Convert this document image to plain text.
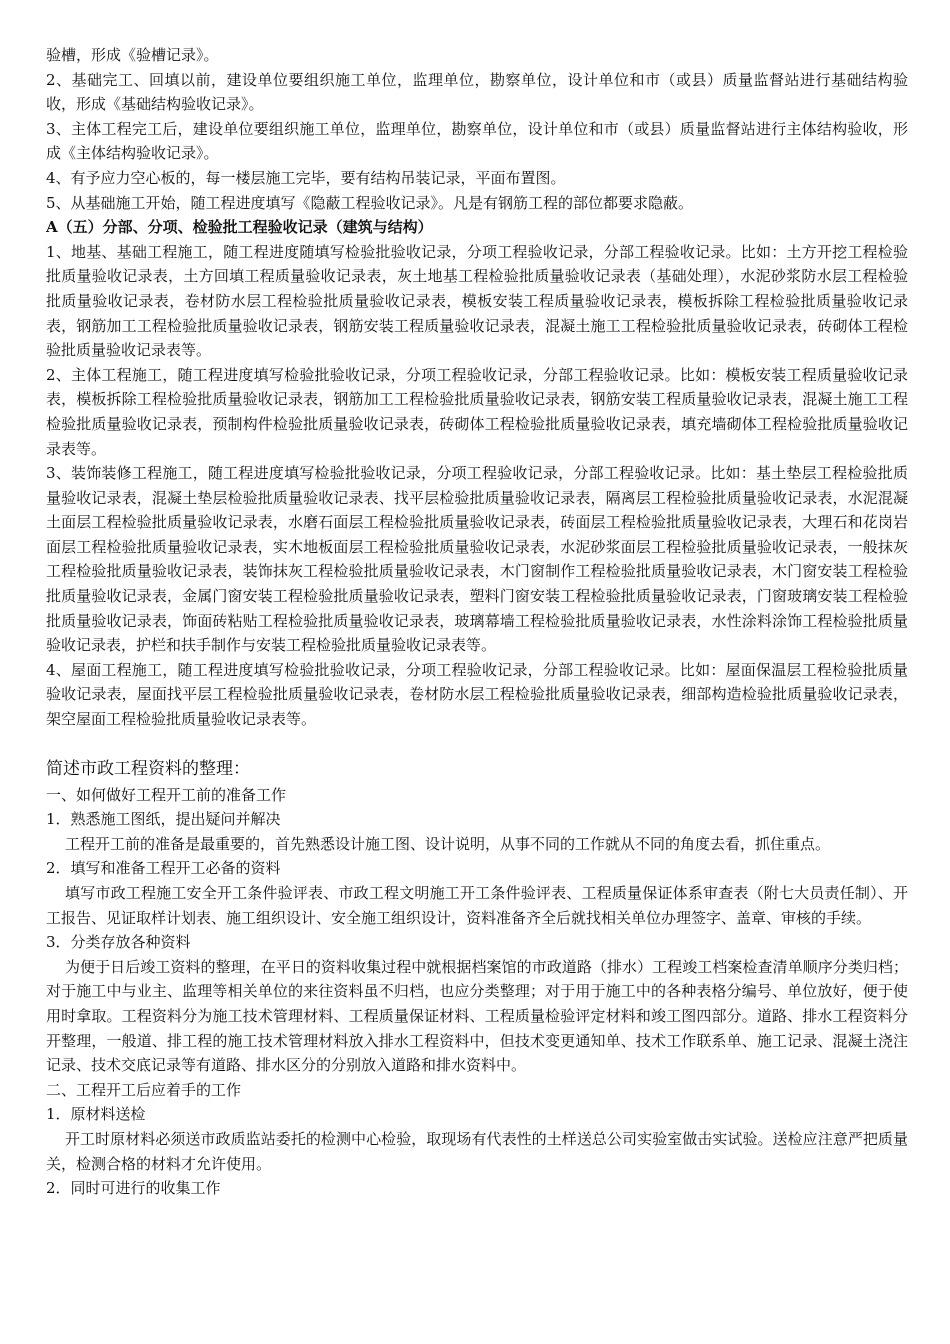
验槽，形成《验槽记录》。

2、基础完工、回填以前，建设单位要组织施工单位，监理单位，勘察单位，设计单位和市（或县）质量监督站进行基础结构验收，形成《基础结构验收记录》。

3、主体工程完工后，建设单位要组织施工单位，监理单位，勘察单位，设计单位和市（或县）质量监督站进行主体结构验收，形成《主体结构验收记录》。

4、有予应力空心板的，每一楼层施工完毕，要有结构吊装记录，平面布置图。

5、从基础施工开始，随工程进度填写《隐蔽工程验收记录》。凡是有钢筋工程的部位都要求隐蔽。

A（五）分部、分项、检验批工程验收记录（建筑与结构）

1、地基、基础工程施工，随工程进度随填写检验批验收记录，分项工程验收记录，分部工程验收记录。比如：土方开挖工程检验批质量验收记录表，土方回填工程质量验收记录表，灰土地基工程检验批质量验收记录表（基础处理），水泥砂浆防水层工程检验批质量验收记录表，卷材防水层工程检验批质量验收记录表，模板安装工程质量验收记录表，模板拆除工程检验批质量验收记录表，钢筋加工工程检验批质量验收记录表，钢筋安装工程质量验收记录表，混凝土施工工程检验批质量验收记录表，砖砌体工程检验批质量验收记录表等。

2、主体工程施工，随工程进度填写检验批验收记录，分项工程验收记录，分部工程验收记录。比如：模板安装工程质量验收记录表，模板拆除工程检验批质量验收记录表，钢筋加工工程检验批质量验收记录表，钢筋安装工程质量验收记录表，混凝土施工工程检验批质量验收记录表，预制构件检验批质量验收记录表，砖砌体工程检验批质量验收记录表，填充墙砌体工程检验批质量验收记录表等。

3、装饰装修工程施工，随工程进度填写检验批验收记录，分项工程验收记录，分部工程验收记录。比如：基土垫层工程检验批质量验收记录表，混凝土垫层检验批质量验收记录表、找平层检验批质量验收记录表，隔离层工程检验批质量验收记录表，水泥混凝土面层工程检验批质量验收记录表，水磨石面层工程检验批质量验收记录表，砖面层工程检验批质量验收记录表，大理石和花岗岩面层工程检验批质量验收记录表，实木地板面层工程检验批质量验收记录表，水泥砂浆面层工程检验批质量验收记录表，一般抹灰工程检验批质量验收记录表，装饰抹灰工程检验批质量验收记录表，木门窗制作工程检验批质量验收记录表，木门窗安装工程检验批质量验收记录表，金属门窗安装工程检验批质量验收记录表，塑料门窗安装工程检验批质量验收记录表，门窗玻璃安装工程检验批质量验收记录表，饰面砖粘贴工程检验批质量验收记录表，玻璃幕墙工程检验批质量验收记录表，水性涂料涂饰工程检验批质量验收记录表，护栏和扶手制作与安装工程检验批质量验收记录表等。

4、屋面工程施工，随工程进度填写检验批验收记录，分项工程验收记录，分部工程验收记录。比如：屋面保温层工程检验批质量验收记录表，屋面找平层工程检验批质量验收记录表，卷材防水层工程检验批质量验收记录表，细部构造检验批质量验收记录表，架空屋面工程检验批质量验收记录表等。

简述市政工程资料的整理：

一、如何做好工程开工前的准备工作

1．熟悉施工图纸，提出疑问并解决

工程开工前的准备是最重要的，首先熟悉设计施工图、设计说明，从事不同的工作就从不同的角度去看，抓住重点。

2．填写和准备工程开工必备的资料

填写市政工程施工安全开工条件验评表、市政工程文明施工开工条件验评表、工程质量保证体系审查表（附七大员责任制）、开工报告、见证取样计划表、施工组织设计、安全施工组织设计，资料准备齐全后就找相关单位办理签字、盖章、审核的手续。

3．分类存放各种资料

为便于日后竣工资料的整理，在平日的资料收集过程中就根据档案馆的市政道路（排水）工程竣工档案检查清单顺序分类归档；对于施工中与业主、监理等相关单位的来往资料虽不归档，也应分类整理；对于用于施工中的各种表格分编号、单位放好，便于使用时拿取。工程资料分为施工技术管理材料、工程质量保证材料、工程质量检验评定材料和竣工图四部分。道路、排水工程资料分开整理，一般道、排工程的施工技术管理材料放入排水工程资料中，但技术变更通知单、技术工作联系单、施工记录、混凝土浇注记录、技术交底记录等有道路、排水区分的分别放入道路和排水资料中。

二、工程开工后应着手的工作

1．原材料送检

开工时原材料必须送市政质监站委托的检测中心检验，取现场有代表性的土样送总公司实验室做击实试验。送检应注意严把质量关，检测合格的材料才允许使用。

2．同时可进行的收集工作
